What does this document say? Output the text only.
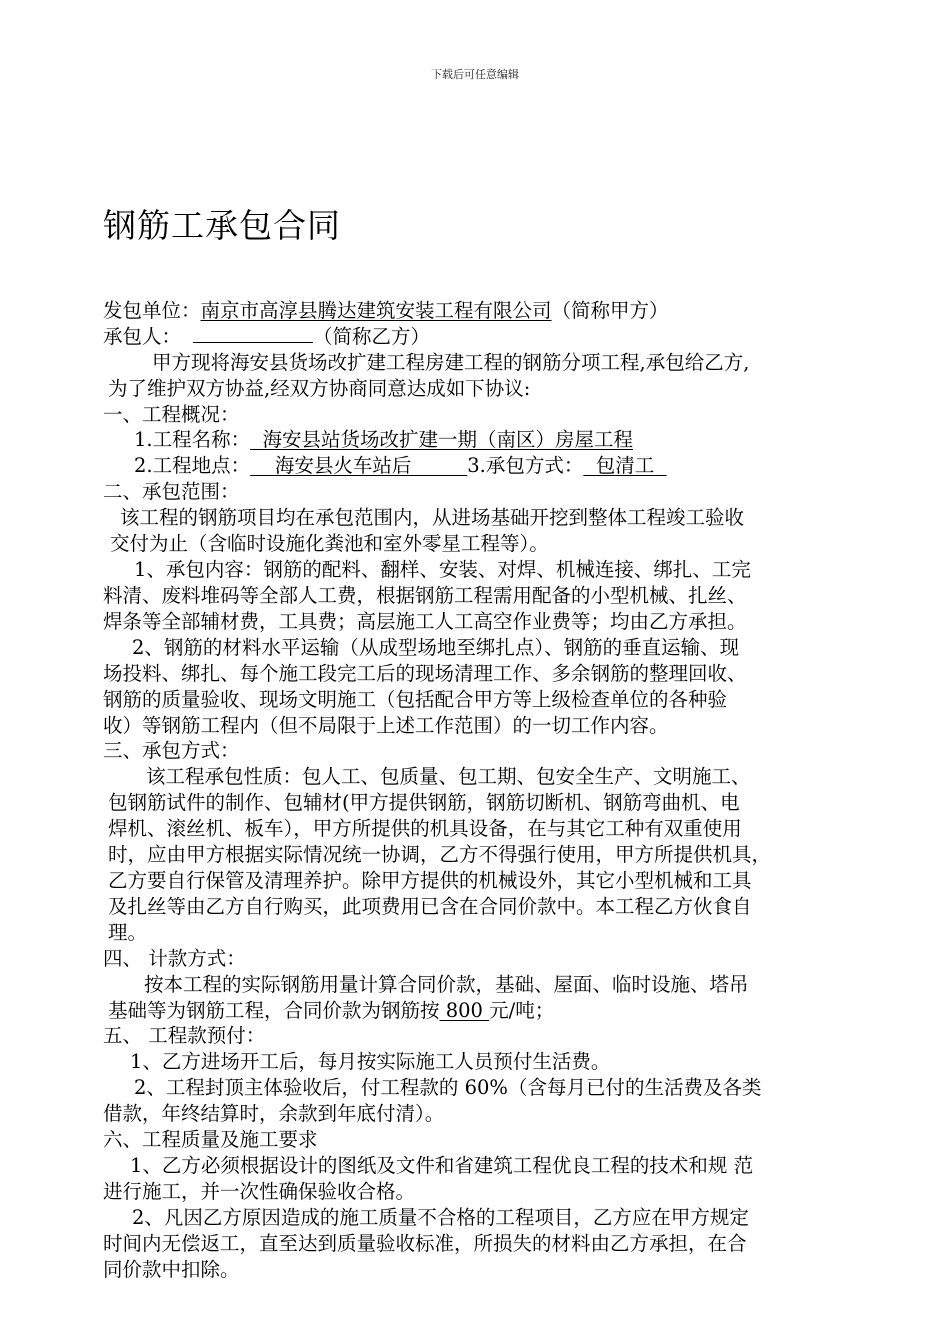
下载后可任意编辑
钢筋工承包合同
发包单位：南京市高淳县腾达建筑安装工程有限公司（简称甲方）
承包人：	（简称乙方）
甲方现将海安县货场改扩建工程房建工程的钢筋分项工程,承包给乙方,
为了维护双方协益,经双方协商同意达成如下协议:
一、工程概况：
1.工程名称： 海安县站货场改扩建一期（南区）房屋工程
2.工程地点： 海安县火车站后	3.承包方式： 包清工
二、承包范围：
该工程的钢筋项目均在承包范围内，从进场基础开挖到整体工程竣工验收
交付为止（含临时设施化粪池和室外零星工程等）。
1、承包内容：钢筋的配料、翻样、安装、对焊、机械连接、绑扎、工完
料清、废料堆码等全部人工费，根据钢筋工程需用配备的小型机械、扎丝、
焊条等全部辅材费，工具费；高层施工人工高空作业费等；均由乙方承担。
2、钢筋的材料水平运输（从成型场地至绑扎点）、钢筋的垂直运输、现
场投料、绑扎、每个施工段完工后的现场清理工作、多余钢筋的整理回收、
钢筋的质量验收、现场文明施工（包括配合甲方等上级检查单位的各种验
收）等钢筋工程内（但不局限于上述工作范围）的一切工作内容。
三、承包方式：
该工程承包性质：包人工、包质量、包工期、包安全生产、文明施工、
包钢筋试件的制作、包辅材(甲方提供钢筋，钢筋切断机、钢筋弯曲机、电
焊机、滚丝机、板车），甲方所提供的机具设备，在与其它工种有双重使用
时，应由甲方根据实际情况统一协调，乙方不得强行使用，甲方所提供机具，
乙方要自行保管及清理养护。除甲方提供的机械设外，其它小型机械和工具
及扎丝等由乙方自行购买，此项费用已含在合同价款中。本工程乙方伙食自
理。
四、 计款方式：
按本工程的实际钢筋用量计算合同价款，基础、屋面、临时设施、塔吊
基础等为钢筋工程，合同价款为钢筋按 800 元/吨；
五、 工程款预付：
1、乙方进场开工后，每月按实际施工人员预付生活费。
2、工程封顶主体验收后，付工程款的 60%（含每月已付的生活费及各类
借款，年终结算时，余款到年底付清）。
六、工程质量及施工要求
1、乙方必须根据设计的图纸及文件和省建筑工程优良工程的技术和规 范
进行施工，并一次性确保验收合格。
2、凡因乙方原因造成的施工质量不合格的工程项目，乙方应在甲方规定
时间内无偿返工，直至达到质量验收标准，所损失的材料由乙方承担，在合
同价款中扣除。
